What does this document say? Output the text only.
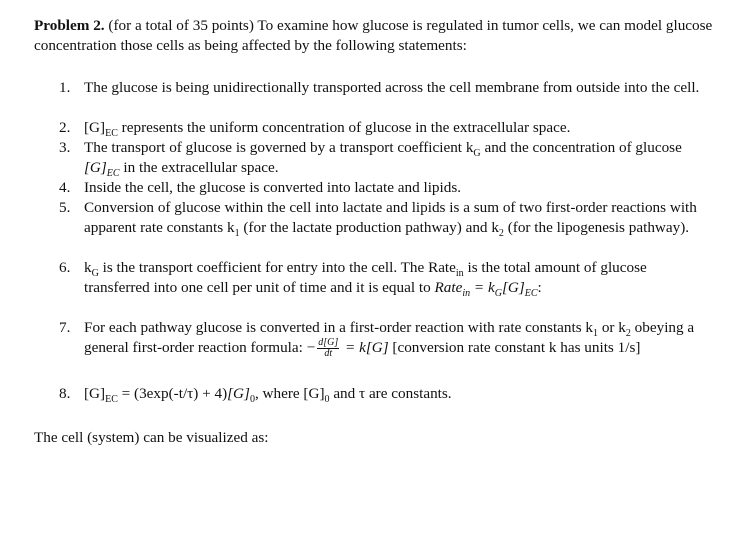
Problem 2. (for a total of 35 points) To examine how glucose is regulated in tumor cells, we can model glucose concentration those cells as being affected by the following statements:

1. The glucose is being unidirectionally transported across the cell membrane from outside into the cell.
2. $[G]_{EC}$ represents the uniform concentration of glucose in the extracellular space.
3. The transport of glucose is governed by a transport coefficient $k_G$ and the concentration of glucose $[G]_{EC}$ in the extracellular space.
4. Inside the cell, the glucose is converted into lactate and lipids.
5. Conversion of glucose within the cell into lactate and lipids is a sum of two first-order reactions with apparent rate constants $k_1$ (for the lactate production pathway) and $k_2$ (for the lipogenesis pathway).
6. $k_G$ is the transport coefficient for entry into the cell. The Rate$_{in}$ is the total amount of glucose transferred into one cell per unit of time and it is equal to Rate$_{in}$ = $k_G[G]_{EC}$:
7. For each pathway glucose is converted in a first-order reaction with rate constants $k_1$ or $k_2$ obeying a general first-order reaction formula: − $\frac{d[G]}{dt} = k[G]$ [conversion rate constant k has units 1/s]
8. $[G]_{EC} = (3\exp(-t/\tau) + 4)[G]_0$, where $[G]_0$ and τ are constants.

The cell (system) can be visualized as:
